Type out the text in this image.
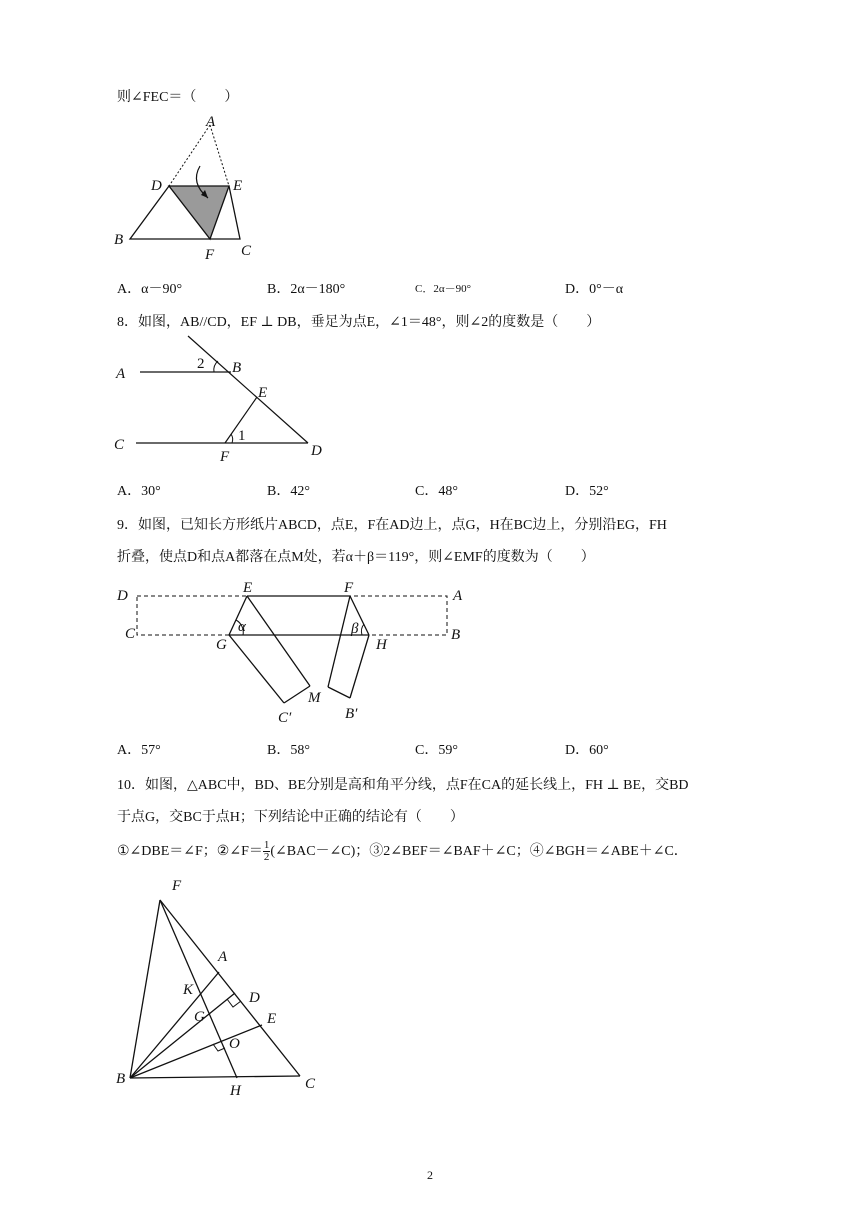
则∠FEC＝（　　）
A
D	E
B
F C
A．α－90°	B．2α－180°	C．2α－90°	D．0°－α
8．如图，AB//CD，EF ⊥ DB，垂足为点E，∠1＝48°，则∠2的度数是（　　）
A	B
2
E
1
C
F	D
A．30°	B．42°	C．48°	D．52°
9．如图，已知长方形纸片ABCD，点E，F在AD边上，点G，H在BC边上，分别沿EG，FH
折叠，使点D和点A都落在点M处，若α＋β＝119°，则∠EMF的度数为（　　）
D	A
E	F
C	B
G	H
α	β
M
C′	B′
A．57°	B．58°	C．59°	D．60°
10．如图，△ABC中，BD、BE分别是高和角平分线，点F在CA的延长线上，FH ⊥ BE，交BD
于点G，交BC于点H；下列结论中正确的结论有（　　）
①∠DBE＝∠F；②∠F＝ $\frac{1}{2}$ (∠BAC－∠C)；③2∠BEF＝∠BAF＋∠C；④∠BGH＝∠ABE＋∠C．
F
A
K	D
G	E
O
B
H	C
2
